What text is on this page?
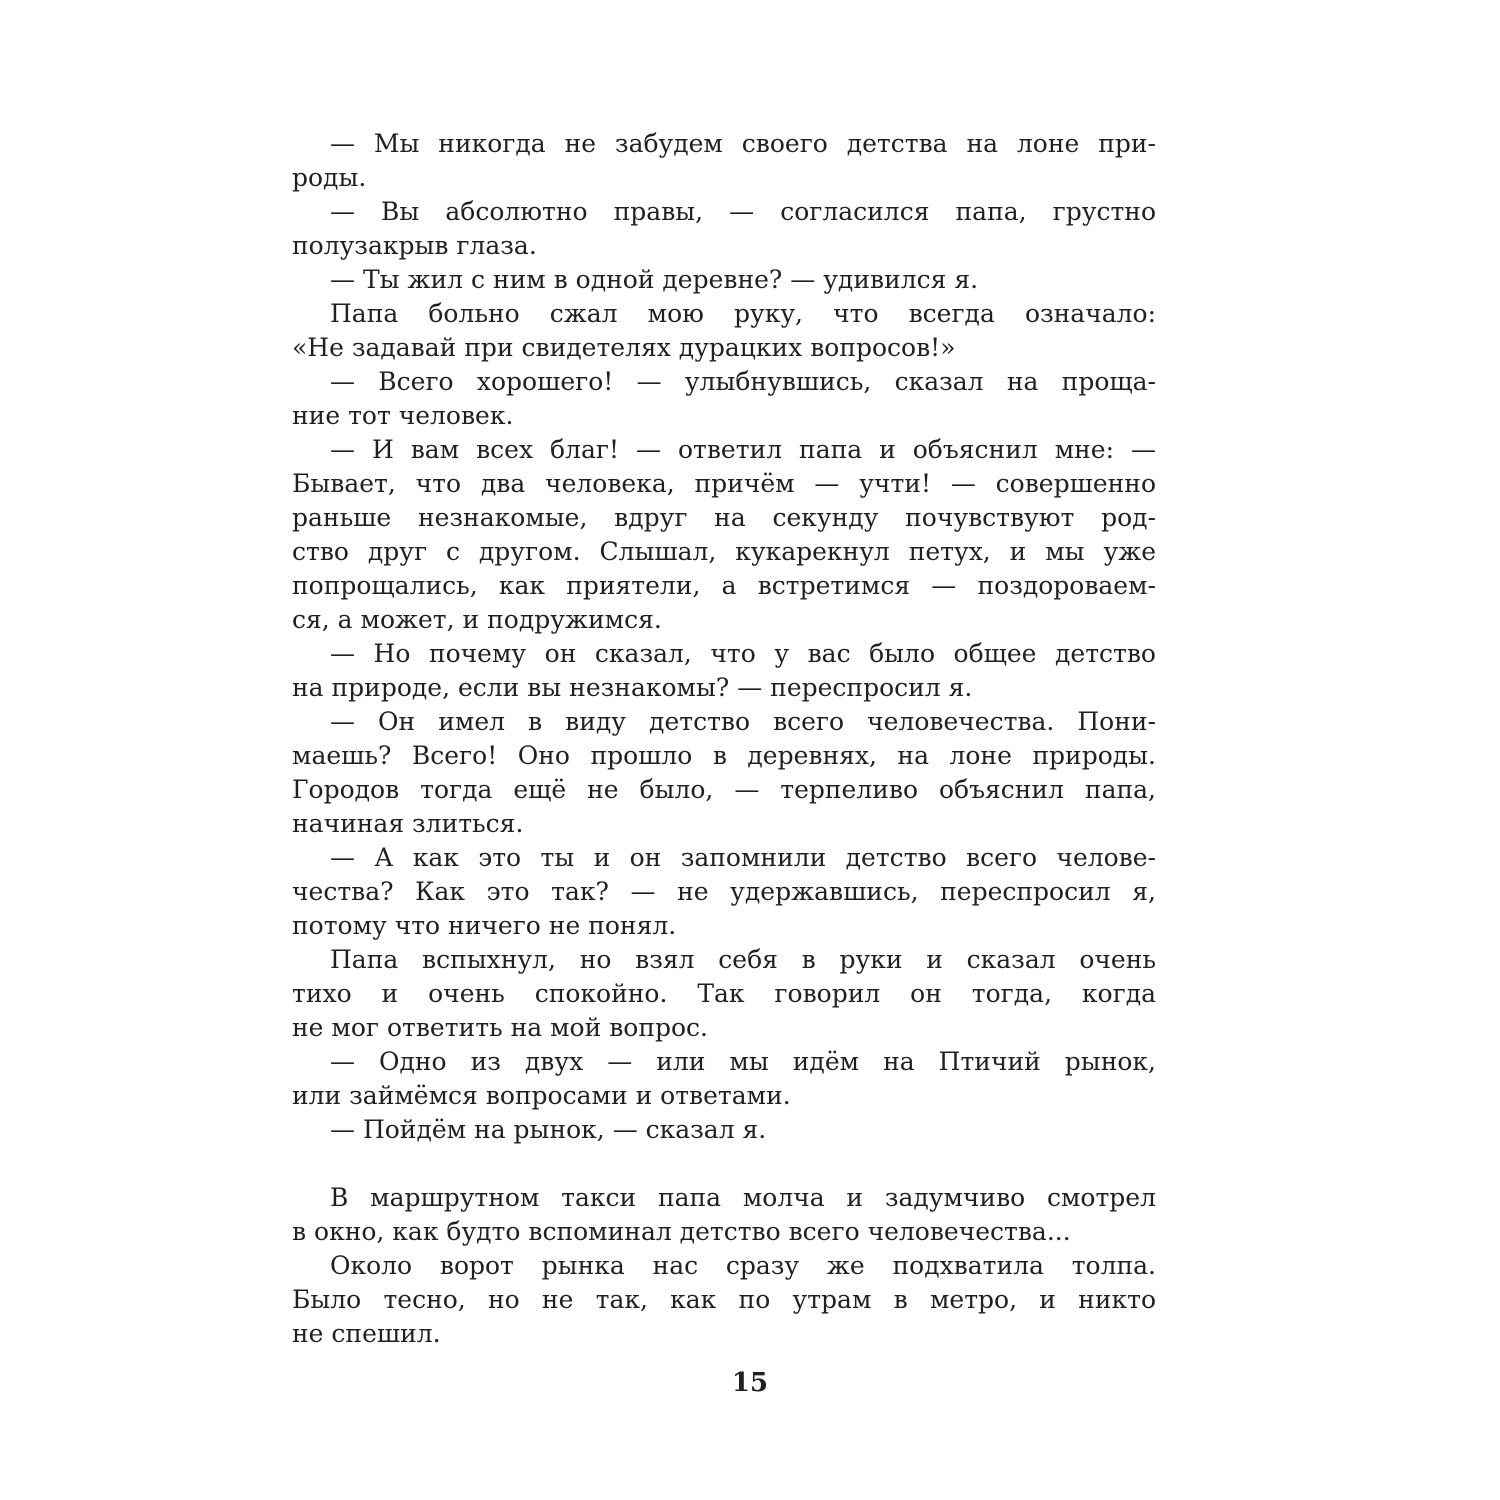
— Мы никогда не забудем своего детства на лоне при-
роды.
— Вы абсолютно правы, — согласился папа, грустно
полузакрыв глаза.
— Ты жил с ним в одной деревне? — удивился я.
Папа больно сжал мою руку, что всегда означало:
«Не задавай при свидетелях дурацких вопросов!»
— Всего хорошего! — улыбнувшись, сказал на проща-
ние тот человек.
— И вам всех благ! — ответил папа и объяснил мне: —
Бывает, что два человека, причём — учти! — совершенно
раньше незнакомые, вдруг на секунду почувствуют род-
ство друг с другом. Слышал, кукарекнул петух, и мы уже
попрощались, как приятели, а встретимся — поздороваем-
ся, а может, и подружимся.
— Но почему он сказал, что у вас было общее детство
на природе, если вы незнакомы? — переспросил я.
— Он имел в виду детство всего человечества. Пони-
маешь? Всего! Оно прошло в деревнях, на лоне природы.
Городов тогда ещё не было, — терпеливо объяснил папа,
начиная злиться.
— А как это ты и он запомнили детство всего челове-
чества? Как это так? — не удержавшись, переспросил я,
потому что ничего не понял.
Папа вспыхнул, но взял себя в руки и сказал очень
тихо и очень спокойно. Так говорил он тогда, когда
не мог ответить на мой вопрос.
— Одно из двух — или мы идём на Птичий рынок,
или займёмся вопросами и ответами.
— Пойдём на рынок, — сказал я.
В маршрутном такси папа молча и задумчиво смотрел
в окно, как будто вспоминал детство всего человечества...
Около ворот рынка нас сразу же подхватила толпа.
Было тесно, но не так, как по утрам в метро, и никто
не спешил.
15
